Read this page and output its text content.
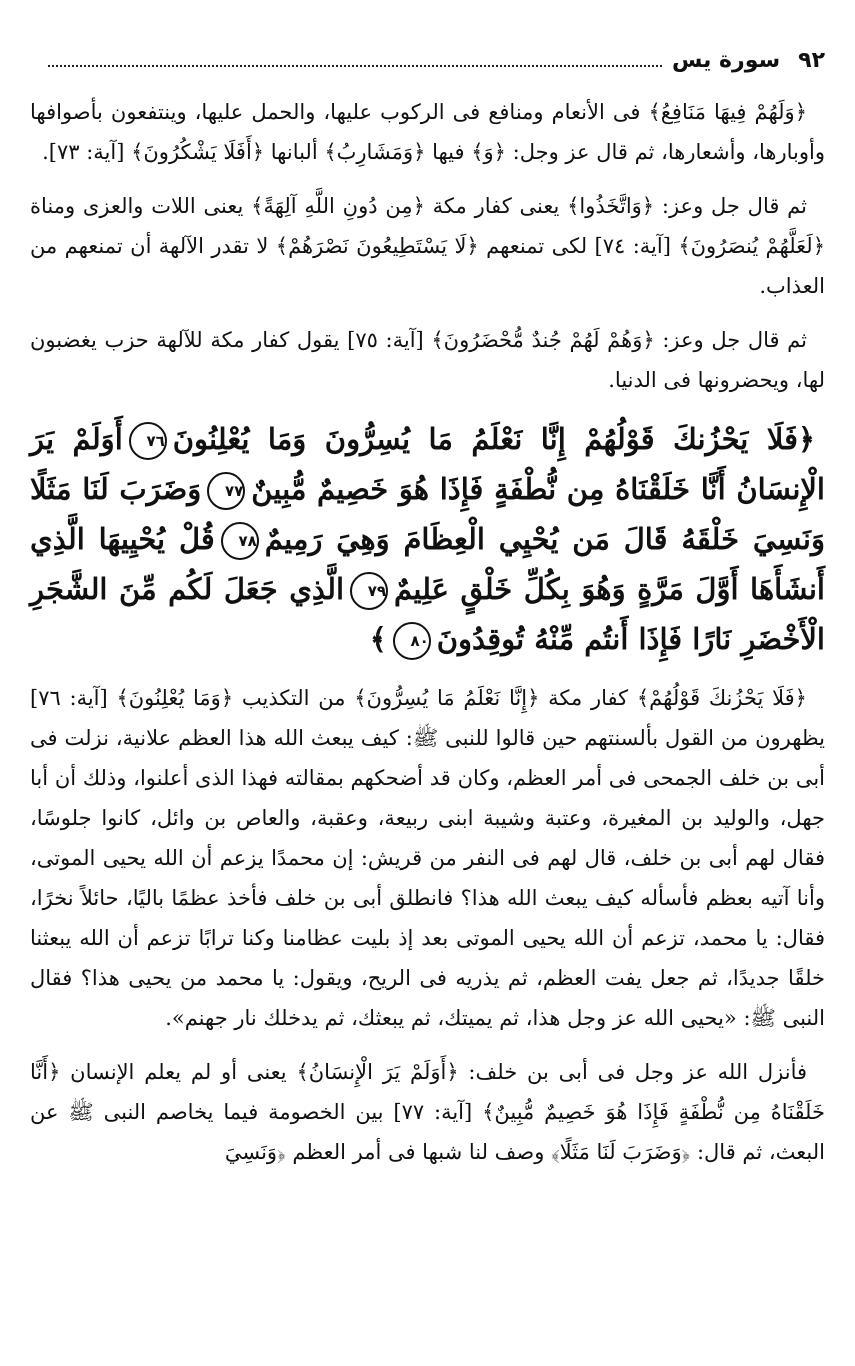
٩٢
سورة يس

﴿وَلَهُمْ فِيهَا مَنَافِعُ﴾ فى الأنعام ومنافع فى الركوب عليها، والحمل عليها، وينتفعون بأصوافها وأوبارها، وأشعارها، ثم قال عز وجل: ﴿وَ﴾ فيها ﴿وَمَشَارِبُ﴾ ألبانها ﴿أَفَلَا يَشْكُرُونَ﴾ [آية: ٧٣].

ثم قال جل وعز: ﴿وَاتَّخَذُوا﴾ يعنى كفار مكة ﴿مِن دُونِ اللَّهِ آلِهَةً﴾ يعنى اللات والعزى ومناة ﴿لَعَلَّهُمْ يُنصَرُونَ﴾ [آية: ٧٤] لكى تمنعهم ﴿لَا يَسْتَطِيعُونَ نَصْرَهُمْ﴾ لا تقدر الآلهة أن تمنعهم من العذاب.

ثم قال جل وعز: ﴿وَهُمْ لَهُمْ جُندٌ مُّحْضَرُونَ﴾ [آية: ٧٥] يقول كفار مكة للآلهة حزب يغضبون لها، ويحضرونها فى الدنيا.

﴿فَلَا يَحْزُنكَ قَوْلُهُمْ إِنَّا نَعْلَمُ مَا يُسِرُّونَ وَمَا يُعْلِنُونَ٧٦أَوَلَمْ يَرَ الْإِنسَانُ أَنَّا خَلَقْنَاهُ مِن نُّطْفَةٍ فَإِذَا هُوَ خَصِيمٌ مُّبِينٌ٧٧وَضَرَبَ لَنَا مَثَلًا وَنَسِيَ خَلْقَهُ قَالَ مَن يُحْيِي الْعِظَامَ وَهِيَ رَمِيمٌ٧٨قُلْ يُحْيِيهَا الَّذِي أَنشَأَهَا أَوَّلَ مَرَّةٍ وَهُوَ بِكُلِّ خَلْقٍ عَلِيمٌ٧٩الَّذِي جَعَلَ لَكُم مِّنَ الشَّجَرِ الْأَخْضَرِ نَارًا فَإِذَا أَنتُم مِّنْهُ تُوقِدُونَ٨٠﴾

﴿فَلَا يَحْزُنكَ قَوْلُهُمْ﴾ كفار مكة ﴿إِنَّا نَعْلَمُ مَا يُسِرُّونَ﴾ من التكذيب ﴿وَمَا يُعْلِنُونَ﴾ [آية: ٧٦] يظهرون من القول بألسنتهم حين قالوا للنبى ﷺ: كيف يبعث الله هذا العظم علانية، نزلت فى أبى بن خلف الجمحى فى أمر العظم، وكان قد أضحكهم بمقالته فهذا الذى أعلنوا، وذلك أن أبا جهل، والوليد بن المغيرة، وعتبة وشيبة ابنى ربيعة، وعقبة، والعاص بن وائل، كانوا جلوسًا، فقال لهم أبى بن خلف، قال لهم فى النفر من قريش: إن محمدًا يزعم أن الله يحيى الموتى، وأنا آتيه بعظم فأسأله كيف يبعث الله هذا؟ فانطلق أبى بن خلف فأخذ عظمًا باليًا، حائلاً نخرًا، فقال: يا محمد، تزعم أن الله يحيى الموتى بعد إذ بليت عظامنا وكنا ترابًا تزعم أن الله يبعثنا خلقًا جديدًا، ثم جعل يفت العظم، ثم يذريه فى الريح، ويقول: يا محمد من يحيى هذا؟ فقال النبى ﷺ: «يحيى الله عز وجل هذا، ثم يميتك، ثم يبعثك، ثم يدخلك نار جهنم».

فأنزل الله عز وجل فى أبى بن خلف: ﴿أَوَلَمْ يَرَ الْإِنسَانُ﴾ يعنى أو لم يعلم الإنسان ﴿أَنَّا خَلَقْنَاهُ مِن نُّطْفَةٍ فَإِذَا هُوَ خَصِيمٌ مُّبِينٌ﴾ [آية: ٧٧] بين الخصومة فيما يخاصم النبى ﷺ عن البعث، ثم قال: ﴿وَضَرَبَ لَنَا مَثَلًا﴾ وصف لنا شبها فى أمر العظم ﴿وَنَسِيَ
